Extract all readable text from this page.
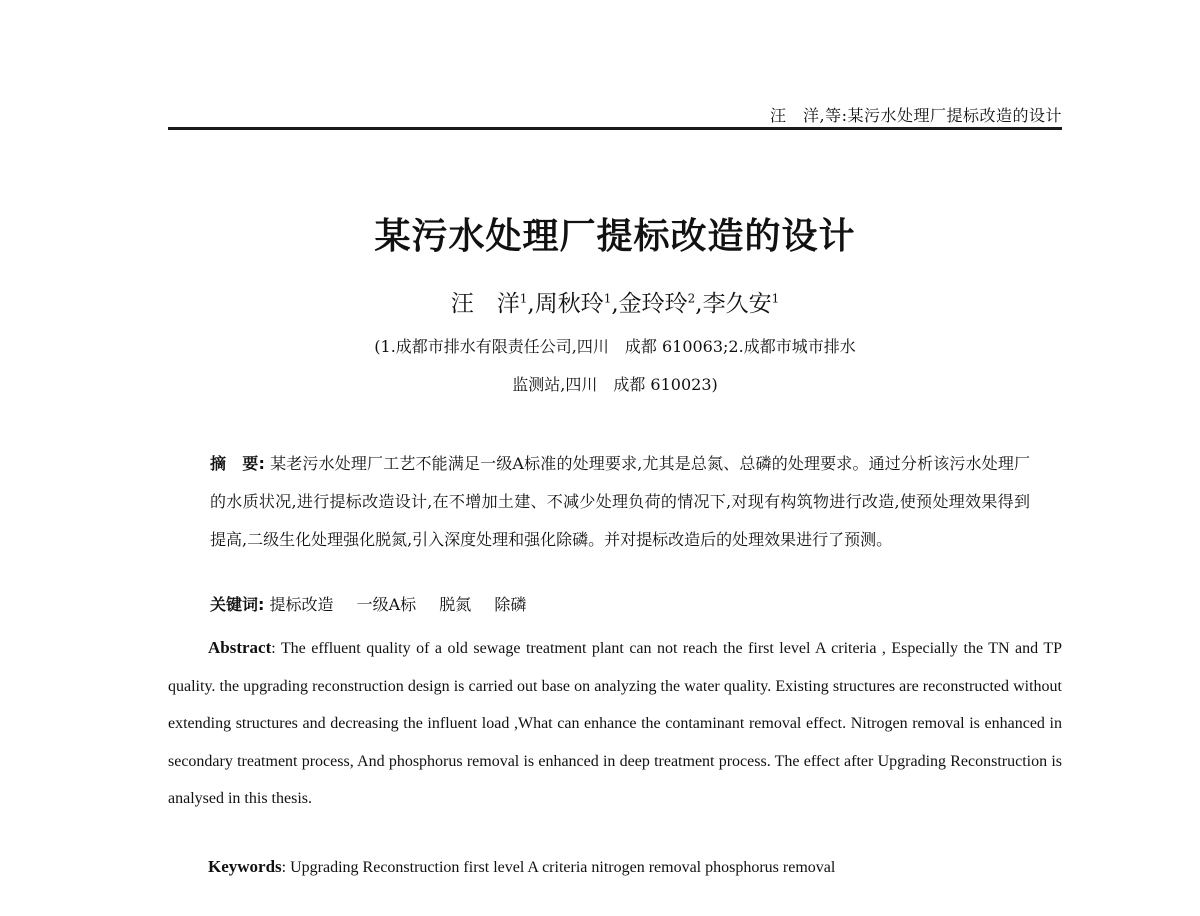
汪　洋,等:某污水处理厂提标改造的设计
某污水处理厂提标改造的设计
汪　洋$^1$,周秋玲$^1$,金玲玲$^2$,李久安$^1$
(1.成都市排水有限责任公司,四川　成都 610063;2.成都市城市排水
监测站,四川　成都 610023)
摘　要: 某老污水处理厂工艺不能满足一级A标准的处理要求,尤其是总氮、总磷的处理要求。通过分析该污水处理厂的水质状况,进行提标改造设计,在不增加土建、不减少处理负荷的情况下,对现有构筑物进行改造,使预处理效果得到提高,二级生化处理强化脱氮,引入深度处理和强化除磷。并对提标改造后的处理效果进行了预测。
关键词: 提标改造 一级A标 脱氮 除磷
Abstract: The effluent quality of a old sewage treatment plant can not reach the first level A criteria , Especially the TN and TP quality. the upgrading reconstruction design is carried out base on analyzing the water quality. Existing structures are reconstructed without extending structures and decreasing the influent load ,What can enhance the contaminant removal effect. Nitrogen removal is enhanced in secondary treatment process, And phosphorus removal is enhanced in deep treatment process. The effect after Upgrading Reconstruction is analysed in this thesis.
Keywords: Upgrading Reconstruction first level A criteria nitrogen removal phosphorus removal
